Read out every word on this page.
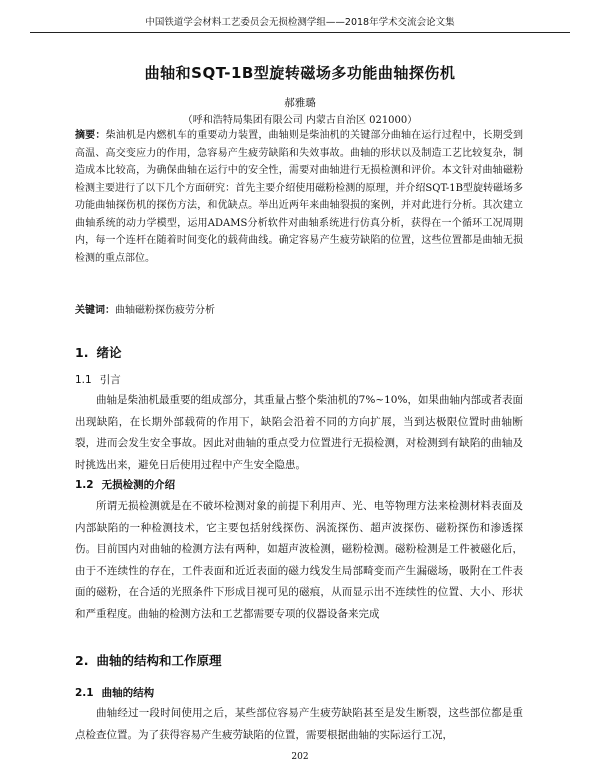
中国铁道学会材料工艺委员会无损检测学组——2018年学术交流会论文集
曲轴和SQT-1B型旋转磁场多功能曲轴探伤机
郝雅璐
（呼和浩特局集团有限公司 内蒙古自治区 021000）
摘要：柴油机是内燃机车的重要动力装置，曲轴则是柴油机的关键部分曲轴在运行过程中，长期受到高温、高交变应力的作用，急容易产生疲劳缺陷和失效事故。曲轴的形状以及制造工艺比较复杂，制造成本比较高，为确保曲轴在运行中的安全性，需要对曲轴进行无损检测和评价。本文针对曲轴磁粉检测主要进行了以下几个方面研究：首先主要介绍使用磁粉检测的原理，并介绍SQT-1B型旋转磁场多功能曲轴探伤机的探伤方法，和优缺点。举出近两年来曲轴裂损的案例，并对此进行分析。其次建立曲轴系统的动力学模型，运用ADAMS分析软件对曲轴系统进行仿真分析，获得在一个循环工况周期内，每一个连杆在随着时间变化的载荷曲线。确定容易产生疲劳缺陷的位置，这些位置都是曲轴无损检测的重点部位。
关键词：曲轴磁粉探伤疲劳分析
1. 绪论
1.1 引言
曲轴是柴油机最重要的组成部分，其重量占整个柴油机的7%~10%，如果曲轴内部或者表面出现缺陷，在长期外部载荷的作用下，缺陷会沿着不同的方向扩展，当到达极限位置时曲轴断裂，进而会发生安全事故。因此对曲轴的重点受力位置进行无损检测，对检测到有缺陷的曲轴及时挑选出来，避免日后使用过程中产生安全隐患。
1.2 无损检测的介绍
所谓无损检测就是在不破坏检测对象的前提下利用声、光、电等物理方法来检测材料表面及内部缺陷的一种检测技术，它主要包括射线探伤、涡流探伤、超声波探伤、磁粉探伤和渗透探伤。目前国内对曲轴的检测方法有两种，如超声波检测，磁粉检测。磁粉检测是工件被磁化后，由于不连续性的存在，工件表面和近近表面的磁力线发生局部畸变而产生漏磁场，吸附在工件表面的磁粉，在合适的光照条件下形成目视可见的磁痕，从而显示出不连续性的位置、大小、形状和严重程度。曲轴的检测方法和工艺都需要专项的仪器设备来完成
2. 曲轴的结构和工作原理
2.1 曲轴的结构
曲轴经过一段时间使用之后，某些部位容易产生疲劳缺陷甚至是发生断裂，这些部位都是重点检查位置。为了获得容易产生疲劳缺陷的位置，需要根据曲轴的实际运行工况，
202
